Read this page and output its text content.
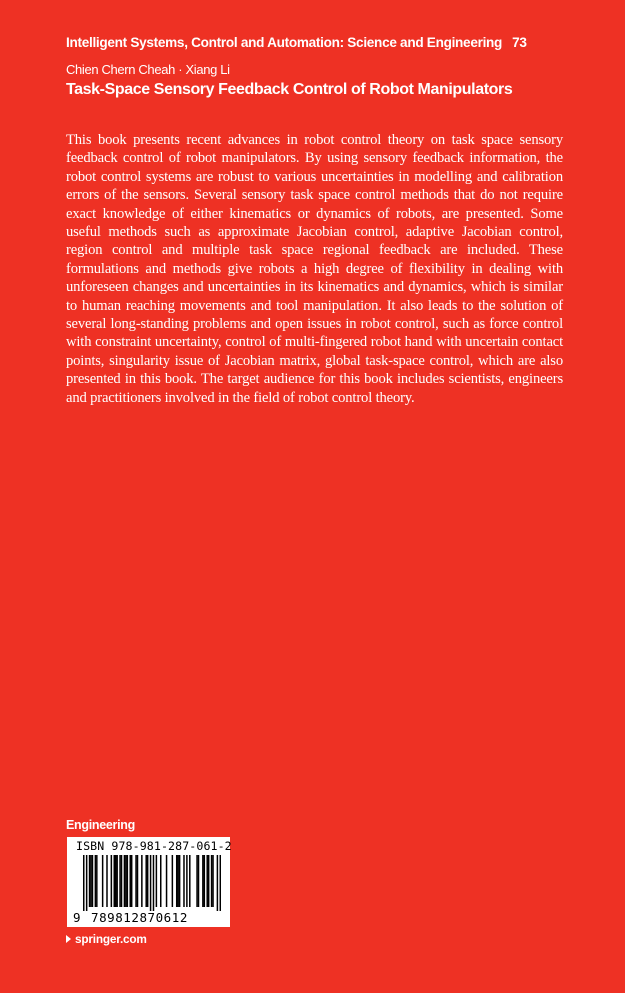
Intelligent Systems, Control and Automation: Science and Engineering 73
Chien Chern Cheah · Xiang Li
Task-Space Sensory Feedback Control of Robot Manipulators

This book presents recent advances in robot control theory on task space sensory feedback control of robot manipulators. By using sensory feedback information, the robot control systems are robust to various uncertainties in modelling and calibration errors of the sensors. Several sensory task space control methods that do not require exact knowledge of either kinematics or dynamics of robots, are presented. Some useful methods such as approximate Jacobian control, adaptive Jacobian control, region control and multiple task space regional feedback are included. These formulations and methods give robots a high degree of flexibility in dealing with unforeseen changes and uncertainties in its kinematics and dynamics, which is similar to human reaching movements and tool manipulation. It also leads to the solution of several long-standing problems and open issues in robot control, such as force control with constraint uncertainty, control of multi-fingered robot hand with uncertain contact points, singularity issue of Jacobian matrix, global task-space control, which are also presented in this book. The target audience for this book includes scientists, engineers and practitioners involved in the field of robot control theory.

Engineering
ISBN 978-981-287-061-2
9 789812870612
springer.com
